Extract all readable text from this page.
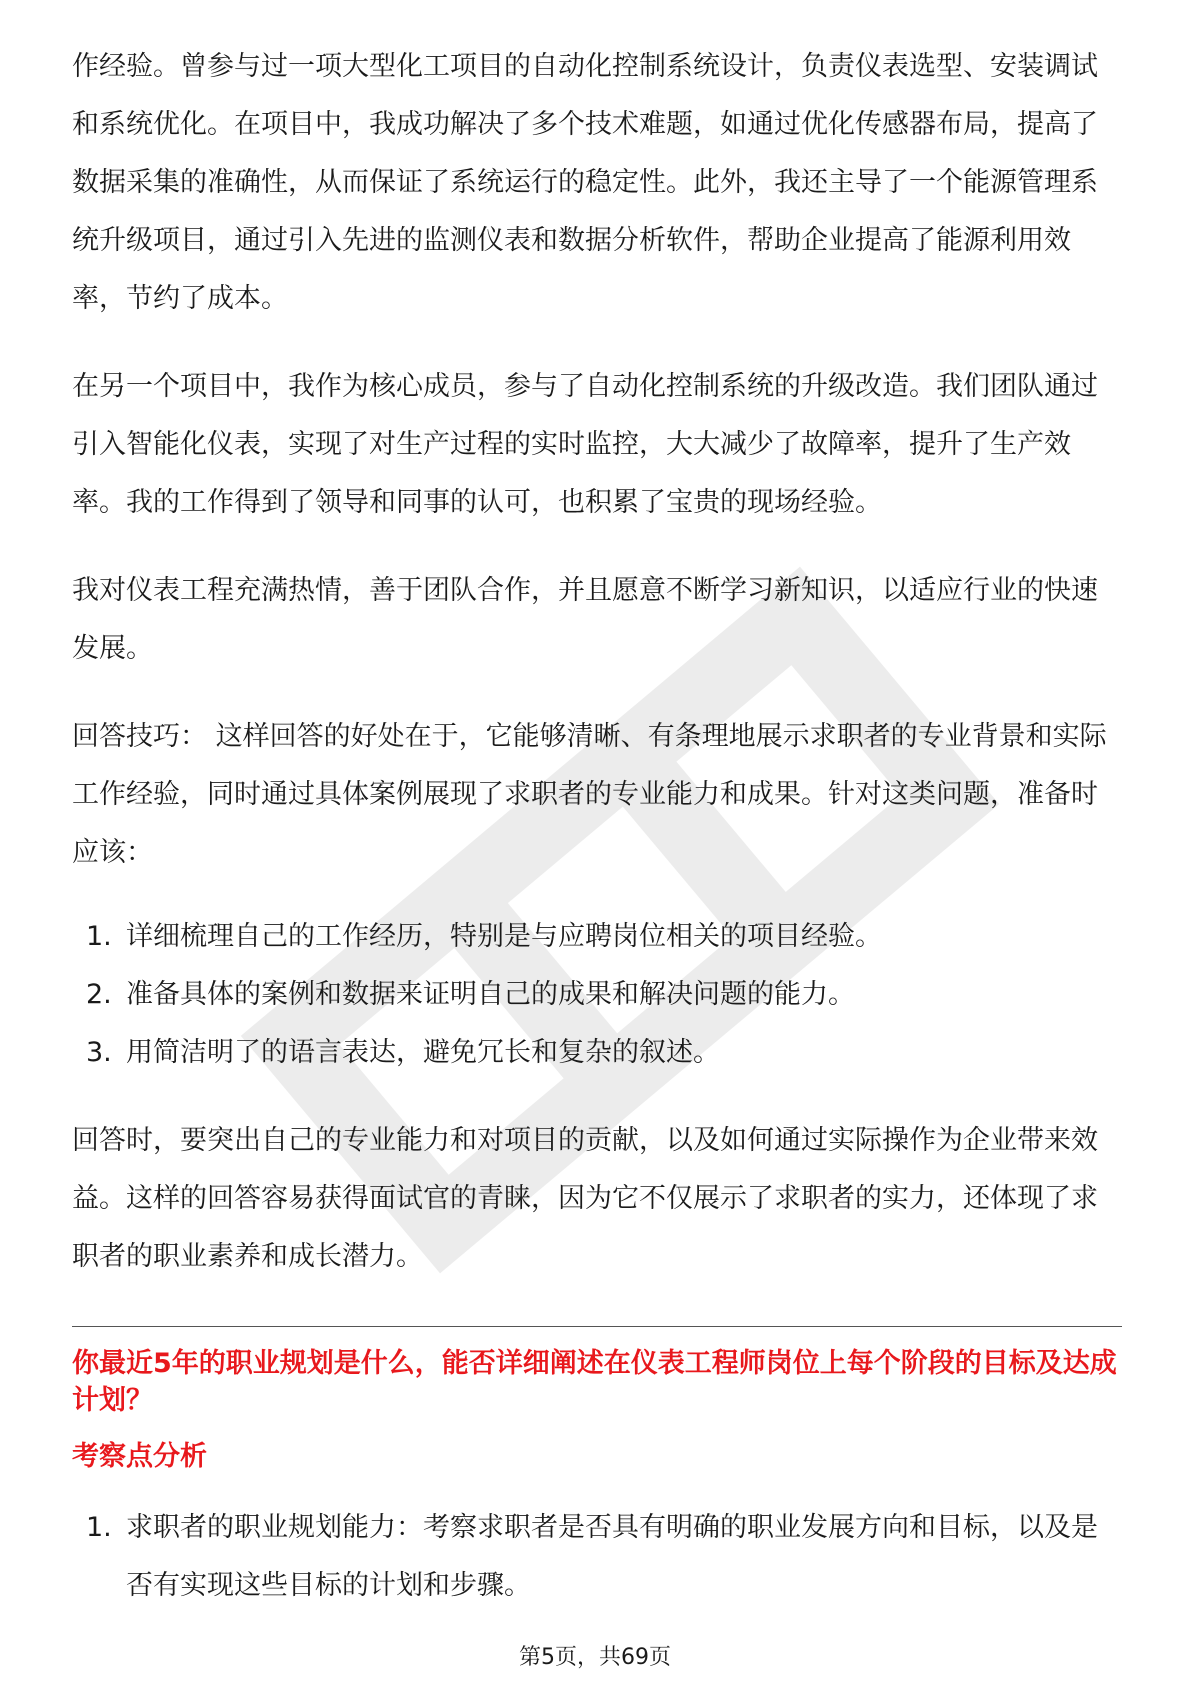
作经验。曾参与过一项大型化工项目的自动化控制系统设计，负责仪表选型、安装调试和系统优化。在项目中，我成功解决了多个技术难题，如通过优化传感器布局，提高了数据采集的准确性，从而保证了系统运行的稳定性。此外，我还主导了一个能源管理系统升级项目，通过引入先进的监测仪表和数据分析软件，帮助企业提高了能源利用效率，节约了成本。

在另一个项目中，我作为核心成员，参与了自动化控制系统的升级改造。我们团队通过引入智能化仪表，实现了对生产过程的实时监控，大大减少了故障率，提升了生产效率。我的工作得到了领导和同事的认可，也积累了宝贵的现场经验。

我对仪表工程充满热情，善于团队合作，并且愿意不断学习新知识，以适应行业的快速发展。

回答技巧： 这样回答的好处在于，它能够清晰、有条理地展示求职者的专业背景和实际工作经验，同时通过具体案例展现了求职者的专业能力和成果。针对这类问题，准备时应该：

1. 详细梳理自己的工作经历，特别是与应聘岗位相关的项目经验。
2. 准备具体的案例和数据来证明自己的成果和解决问题的能力。
3. 用简洁明了的语言表达，避免冗长和复杂的叙述。

回答时，要突出自己的专业能力和对项目的贡献，以及如何通过实际操作为企业带来效益。这样的回答容易获得面试官的青睐，因为它不仅展示了求职者的实力，还体现了求职者的职业素养和成长潜力。

你最近5年的职业规划是什么，能否详细阐述在仪表工程师岗位上每个阶段的目标及达成计划？
考察点分析
1. 求职者的职业规划能力：考察求职者是否具有明确的职业发展方向和目标，以及是否有实现这些目标的计划和步骤。
第5页，共69页
